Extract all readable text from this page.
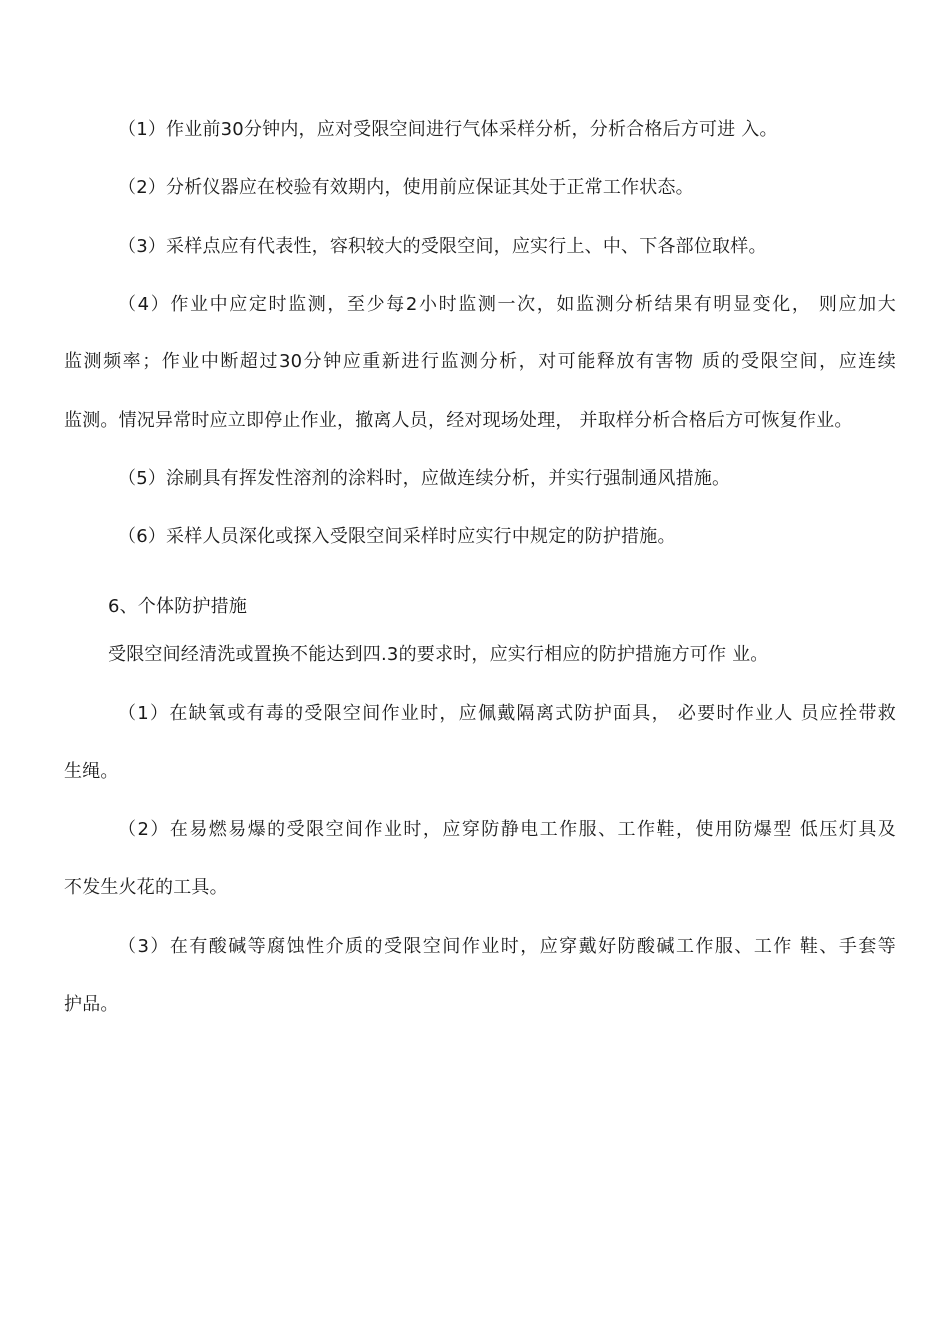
（1）作业前30分钟内，应对受限空间进行气体采样分析，分析合格后方可进 入。
（2）分析仪器应在校验有效期内，使用前应保证其处于正常工作状态。
（3）采样点应有代表性，容积较大的受限空间，应实行上、中、下各部位取样。
（4）作业中应定时监测，至少每2小时监测一次，如监测分析结果有明显变化， 则应加大
监测频率；作业中断超过30分钟应重新进行监测分析，对可能释放有害物 质的受限空间，应连续
监测。情况异常时应立即停止作业，撤离人员，经对现场处理， 并取样分析合格后方可恢复作业。
（5）涂刷具有挥发性溶剂的涂料时，应做连续分析，并实行强制通风措施。
（6）采样人员深化或探入受限空间采样时应实行中规定的防护措施。
6、个体防护措施
受限空间经清洗或置换不能达到四.3的要求时，应实行相应的防护措施方可作 业。
（1）在缺氧或有毒的受限空间作业时，应佩戴隔离式防护面具， 必要时作业人 员应拴带救
生绳。
（2）在易燃易爆的受限空间作业时，应穿防静电工作服、工作鞋，使用防爆型 低压灯具及
不发生火花的工具。
（3）在有酸碱等腐蚀性介质的受限空间作业时，应穿戴好防酸碱工作服、工作 鞋、手套等
护品。
